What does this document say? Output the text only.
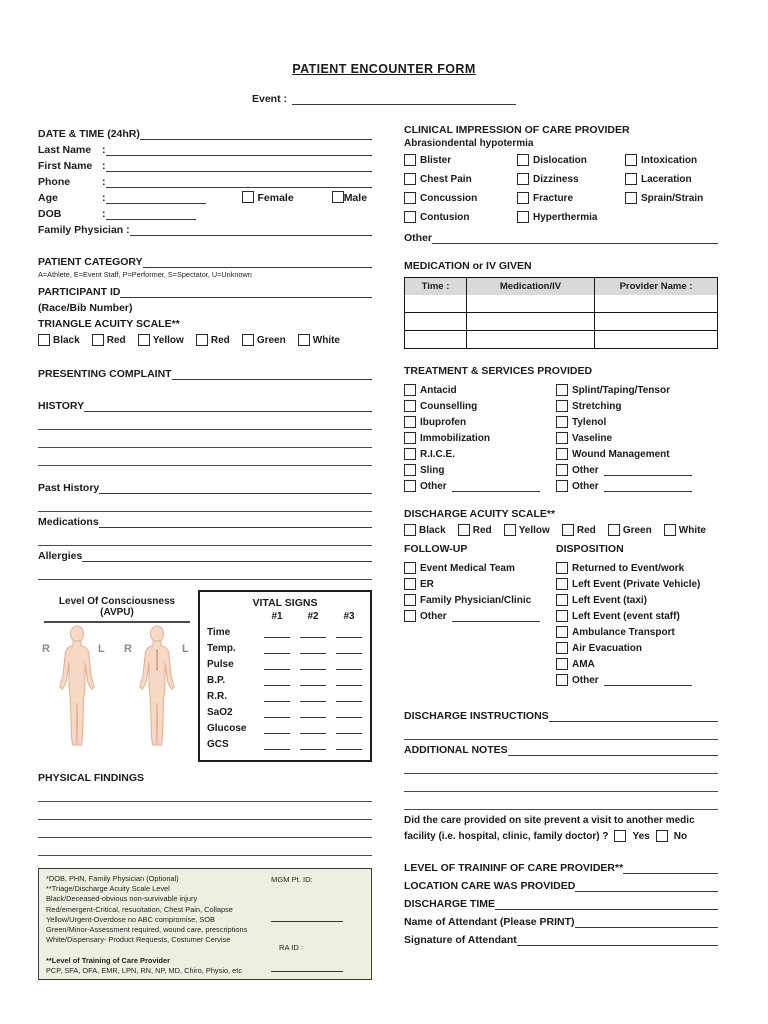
PATIENT ENCOUNTER FORM
Event :
DATE & TIME (24hR)
Last Name	:
First Name :
Phone	:
Age	:	Female	Male
DOB	:
Family Physician :
PATIENT CATEGORY
A=Athlete, E=Event Staff, P=Performer, S=Spectator, U=Unknown
PARTICIPANT ID
(Race/Bib Number)
TRIANGLE ACUITY SCALE**
Black	Red	Yellow	Red	Green	White
PRESENTING COMPLAINT
HISTORY
Past History
Medications
Allergies
Level Of Consciousness
(AVPU)
R	L R	L
VITAL SIGNS
#1	#2	#3
Time
Temp.
Pulse
B.P.
R.R.
SaO2
Glucose
GCS
PHYSICAL FINDINGS
*DOB, PHN, Family Physician (Optional)
**Triage/Discharge Acuity Scale Level
Black/Deceased-obvious non-survivable injury
Red/emergent-Critical, resucitation, Chest Pain, Collapse
Yellow/Urgent-Overdose no ABC compromise, SOB
Green/Minor-Assessment required, wound care, prescriptions
White/Dispensary- Product Requests, Costumer Cervise
**Level of Training of Care Provider
PCP, SFA, OFA, EMR, LPN, RN, NP, MD, Chiro, Physio, etc
MGM Pt. ID:
RA ID :
CLINICAL IMPRESSION OF CARE PROVIDER
Abrasiondental hypotermia
Blister	Dislocation	Intoxication
Chest Pain	Dizziness	Laceration
Concussion	Fracture	Sprain/Strain
Contusion	Hyperthermia
Other
MEDICATION or IV GIVEN
Time :	Medication/IV	Provider Name :
TREATMENT & SERVICES PROVIDED
Antacid
Counselling
Ibuprofen
Immobilization
R.I.C.E.
Sling
Other
Splint/Taping/Tensor
Stretching
Tylenol
Vaseline
Wound Management
Other
Other
DISCHARGE ACUITY SCALE**
Black	Red	Yellow	Red	Green	White
FOLLOW-UP
Event Medical Team
ER
Family Physician/Clinic
Other
DISPOSITION
Returned to Event/work
Left Event (Private Vehicle)
Left Event (taxi)
Left Event (event staff)
Ambulance Transport
Air Evacuation
AMA
Other
DISCHARGE INSTRUCTIONS
ADDITIONAL NOTES
Did the care provided on site prevent a visit to another medic
facility (i.e. hospital, clinic, family doctor) ? Yes No
LEVEL OF TRAININF OF CARE PROVIDER**
LOCATION CARE WAS PROVIDED
DISCHARGE TIME
Name of Attendant (Please PRINT)
Signature of Attendant
